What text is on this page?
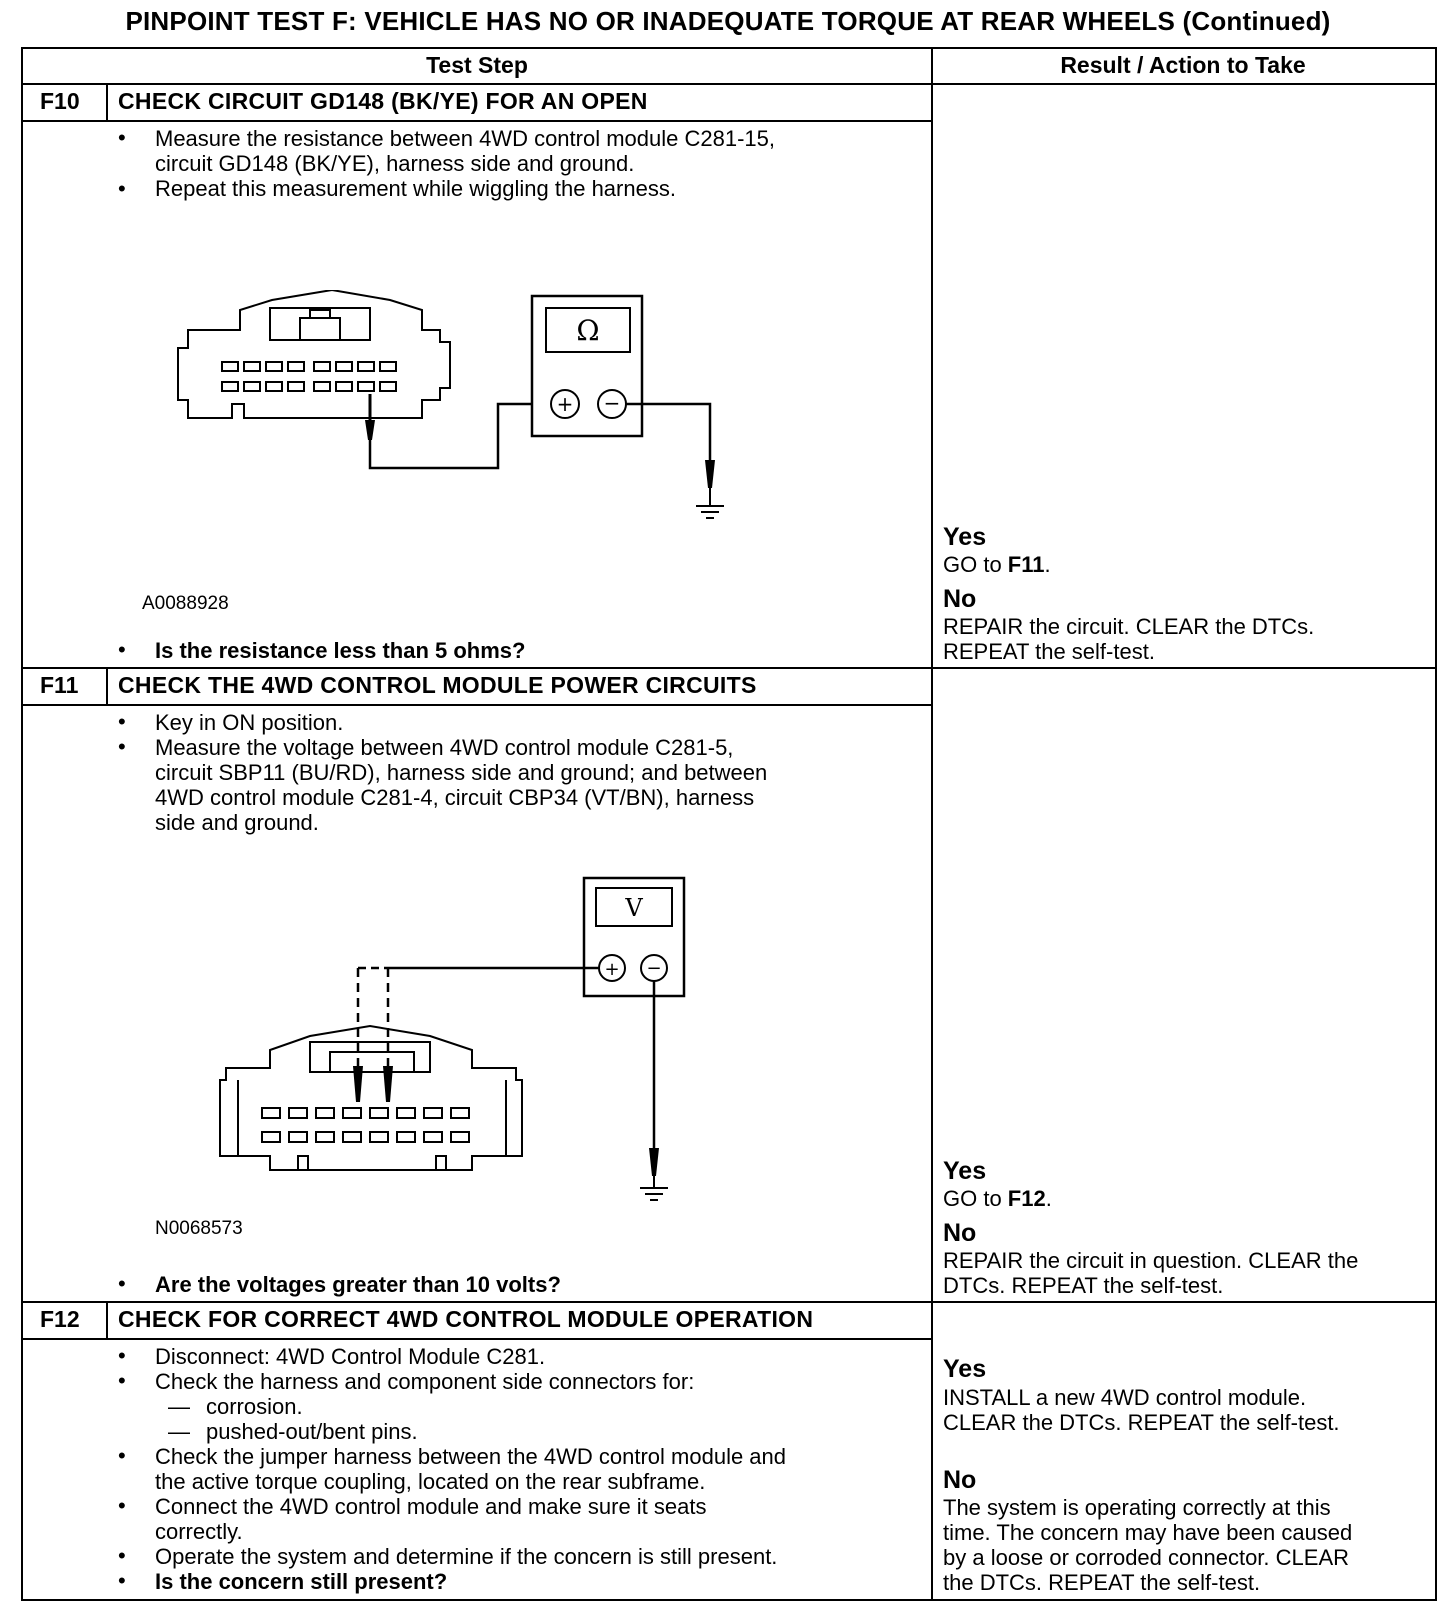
PINPOINT TEST F: VEHICLE HAS NO OR INADEQUATE TORQUE AT REAR WHEELS (Continued)
Test Step	Result / Action to Take
F10 CHECK CIRCUIT GD148 (BK/YE) FOR AN OPEN
• Measure the resistance between 4WD control module C281-15,
circuit GD148 (BK/YE), harness side and ground.
• Repeat this measurement while wiggling the harness.
Ω
+ −
A0088928
• Is the resistance less than 5 ohms?
Yes
GO to F11.
No
REPAIR the circuit. CLEAR the DTCs.
REPEAT the self-test.
F11 CHECK THE 4WD CONTROL MODULE POWER CIRCUITS
• Key in ON position.
• Measure the voltage between 4WD control module C281-5,
circuit SBP11 (BU/RD), harness side and ground; and between
4WD control module C281-4, circuit CBP34 (VT/BN), harness
side and ground.
V
+ −
N0068573
• Are the voltages greater than 10 volts?
Yes
GO to F12.
No
REPAIR the circuit in question. CLEAR the
DTCs. REPEAT the self-test.
F12 CHECK FOR CORRECT 4WD CONTROL MODULE OPERATION
• Disconnect: 4WD Control Module C281.
• Check the harness and component side connectors for:
— corrosion.
— pushed-out/bent pins.
• Check the jumper harness between the 4WD control module and
the active torque coupling, located on the rear subframe.
• Connect the 4WD control module and make sure it seats
correctly.
• Operate the system and determine if the concern is still present.
• Is the concern still present?
Yes
INSTALL a new 4WD control module.
CLEAR the DTCs. REPEAT the self-test.
No
The system is operating correctly at this
time. The concern may have been caused
by a loose or corroded connector. CLEAR
the DTCs. REPEAT the self-test.
